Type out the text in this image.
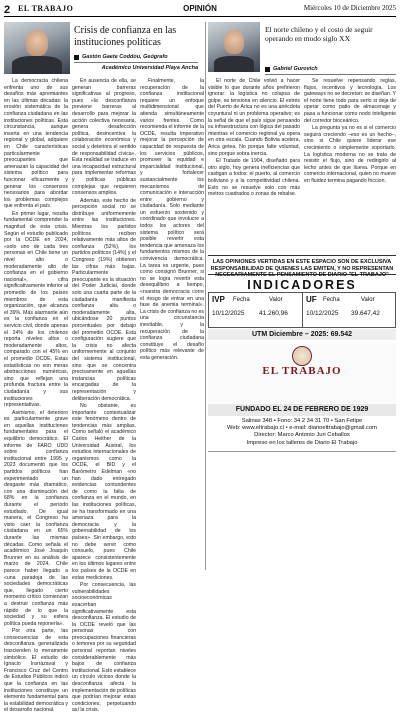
2 EL TRABAJO	OPINIÓN	Miércoles 10 de Diciembre 2025
Crisis de confianza en las instituciones políticas
Gastón Gaete Coddou, Geógrafo
Académico Universidad Playa Ancha

La democracia chilena enfrenta uno de sus desafíos más apremiantes en las últimas décadas: la erosión sistemática de la confianza ciudadana en las instituciones políticas. Esta circunstancia, aunque inserta en una tendencia regional y global, adquiere en Chile características particularmente preocupantes que amenazan la capacidad del sistema político para funcionar eficazmente y generar los consensos necesarios para abordar los problemas complejos que enfrenta el país.

En primer lugar, resulta fundamental comprender la magnitud de esta crisis. Según el estudio publicado por la OCDE en 2024, «solo uno de cada tres personas en Chile tiene un nivel alto o moderadamente alto de confianza en el gobierno nacional», cifra significativamente inferior al promedio de los países miembros de esta organización, que alcanza el 39%. Más alarmante aún es la confianza en el servicio civil, donde apenas el 24% de los chilenos reporta niveles altos o moderadamente altos, comparado con el 45% en el promedio OCDE. Estas estadísticas no son meras abstracciones numéricas, sino que reflejan una profunda fractura entre la ciudadanía y sus instituciones representativas.

Asimismo, el deterioro es particularmente grave en aquellas instituciones fundamentales para el equilibrio democrático. El informe de FARO UDD sobre confianza institucional entre 1995 y 2023 documentó que los partidos políticos han experimentado un desgaste más dramático, con una disminución del 68% en la confianza durante el período estudiado. De igual manera, el Congreso ha visto caer la confianza ciudadana en un 65% durante las mismas décadas. Como señala el académico José Joaquín Brunner en su análisis de marzo de 2024, Chile parece haber llegado a «una paradoja de las sociedades democráticas que, llegado cierto momento crítico comienzan a destruir confianza más rápido de lo que la sociedad y su esfera política pueda reponerla».

Por otra parte, las consecuencias de esta desconfianza generalizada trascienden lo meramente simbólico. El estudio de Ignacio Irarrázaval y Francisco Cruz del Centro de Estudios Públicos indicó que la confianza en las instituciones constituye un elemento fundamental para la estabilidad democrática y el desarrollo nacional.

En ausencia de ella, se generan barreras significativas al progreso, pues «la desconfianza previene barreras al desarrollo para mejorar la acción colectiva necesaria, genera desafección política, desincentiva la colaboración económica y social y deteriora el sentido de responsabilidad cívica». Esta realidad se traduce en una incapacidad estructural para implementar reformas y políticas públicas complejas que requieren consensos amplios.

Además, este hecho de percepción social no se distribuye uniformemente entre las instituciones. Mientras los partidos políticos reciben relativamente más altos de confianza (52%), los partidos políticos (14%) y el Congreso (19%) obtienen las cifras más bajas. Particularmente preocupante es la situación del Poder Judicial, donde solo una cuarta parte de la ciudadanía manifiesta confianza alta o moderadamente alta, ubicándose 20 puntos porcentuales por debajo del promedio OCDE. Esta configuración sugiere que la crisis no afecta uniformemente al conjunto del sistema institucional, sino que se concentra precisamente en aquellas instancias políticas encargadas de la representación y deliberación democrática.

No obstante, es importante contextualizar este fenómeno dentro de tendencias más amplias. Como señaló el académico Carlos Heither de la Universidad Austral, los estudios internacionales de organismos como la OCDE, el BID y el Barómetro Edelman «no han dado entregado evidencias contundentes de como la falta de confianza en el mundo, en las instituciones políticas, se ha transformado en una amenaza para la democracia y la gobernabilidad de los países». Sin embargo, esto no debe servir como consuelo, pues Chile aparece consistentemente en los últimos lugares entre los países de la OCDE en estas mediciones.

Por consecuencia, las vulnerabilidades socioeconómicas exacerban significativamente esta desconfianza. El estudio de la OCDE reveló que las personas con preocupaciones financieras o temores por su seguridad personal reportan niveles considerablemente más bajos de confianza institucional. Esto establece un círculo vicioso donde la desconfianza afecta la implementación de políticas que podrían mejorar estas condiciones, perpetuando así la crisis.

Finalmente, la recuperación de la confianza institucional requiere un enfoque multidimensional que atienda simultáneamente varios frentes. Como recomienda el informe de la OCDE, resulta imperativo mejorar la percepción de capacidad de respuesta de los servicios públicos, promover la equidad e imparcialidad institucional, y fortalecer sustancialmente los mecanismos de comunicación e interacción entre gobierno y ciudadanía. Solo mediante un esfuerzo sostenido y coordinado que involucre a todos los actores del sistema político será posible revertir esta tendencia que amenaza los fundamentos mismos de la convivencia democrática. La tarea es urgente, pues como consignó Brunner, si no se logra revertir esta desequilibrio a tiempo, «nuestra democracia corre el riesgo de entrar en una fase de anemia terminal». La crisis de confianza no es una circunstancia inevitable, y la recuperación de la confianza ciudadana constituye el desafío político más relevante de esta generación.

El norte chileno y el costo de seguir operando en modo siglo XX
Gabriel Gurovich

El norte de Chile volvió a hacer visible lo que durante años prefirieron ignorar: la logística no colapsa de golpe, se tensiona en silencio. El estrés del Puerto de Arica no es una anécdota coyuntural ni un problema operativo; es la señal de que el país sigue pensando su infraestructura con lógica del pasado mientras el comercio regional ya opera en otra escala. Cuando Bolivia acelera, Arica getea. No porque falte voluntad, sino porque sobra inercia.

El Tratado de 1904, diseñado para otro siglo, hoy genera ineficiencias que castigan a todos: el puerto, al comercio boliviano y a la competitividad chilena. Esto no se resuelve solo con más metros cuadrados o zonas de rebalse.

Se resuelve repensando reglas, flujos, incentivos y tecnología. Los gateways no se decretan: se diseñan. Y el norte tiene todo para serlo si deja de operar como patio de almacenaje y pasa a funcionar como nodo inteligente del corredor bioceánico.

La pregunta ya no es si el comercio seguirá creciendo –eso es un hecho–, sino si Chile quiere liderar ese crecimiento o simplemente soportarlo. La logística moderna no se trata de resistir el flujo, sino de redirigirlo al lecho antes de que llueva. Porque en comercio internacional, quien no mueve en fluidez termina pagando friccion.

LAS OPINIONES VERTIDAS EN ESTE ESPACIO SON DE EXCLUSIVA RESPONSABILIDAD DE QUIENES LAS EMITEN, Y NO REPRESENTAN NECESARIAMENTE EL PENSAMIENTO DE DIARIO "EL TRABAJO"
INDICADORES
IVP Fecha	Valor
10/12/2025 41.260,96
UF Fecha	Valor
10/12/2025 39.647,42
UTM Diciembre – 2025: 69.542
EL TRABAJO
FUNDADO EL 24 DE FEBRERO DE 1929
Salinas 348 • Fono: 34 2 34 31 70 • San Felipe
Web: www.eltrabajo.cl • e-mail: diarioeltrabajo@gmail.com
Director: Marco Antonio Juri Ceballos
Impreso en los talleres de Diario El Trabajo
